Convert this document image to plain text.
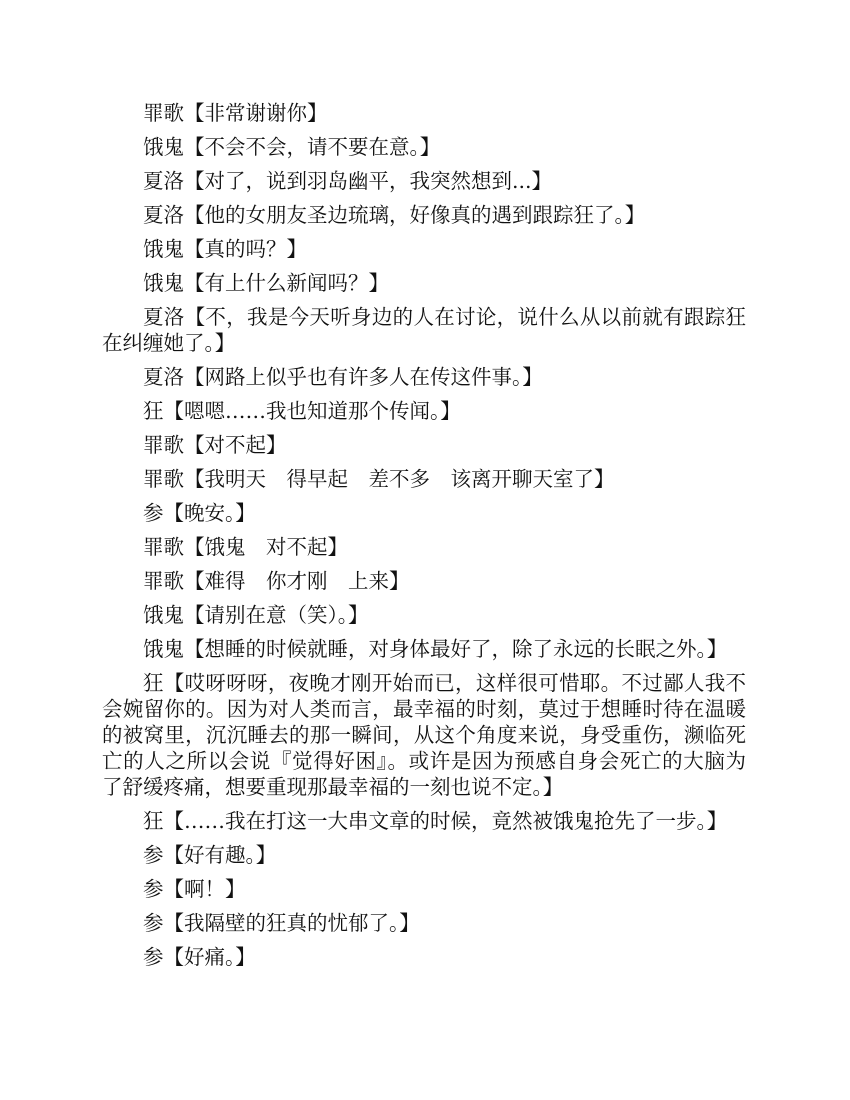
罪歌【非常谢谢你】

饿鬼【不会不会，请不要在意。】

夏洛【对了，说到羽岛幽平，我突然想到...】

夏洛【他的女朋友圣边琉璃，好像真的遇到跟踪狂了。】

饿鬼【真的吗？】

饿鬼【有上什么新闻吗？】

夏洛【不，我是今天听身边的人在讨论，说什么从以前就有跟踪狂在纠缠她了。】

夏洛【网路上似乎也有许多人在传这件事。】

狂【嗯嗯……我也知道那个传闻。】

罪歌【对不起】

罪歌【我明天　得早起　差不多　该离开聊天室了】

参【晚安。】

罪歌【饿鬼　对不起】

罪歌【难得　你才刚　上来】

饿鬼【请别在意（笑）。】

饿鬼【想睡的时候就睡，对身体最好了，除了永远的长眠之外。】

狂【哎呀呀呀，夜晚才刚开始而已，这样很可惜耶。不过鄙人我不会婉留你的。因为对人类而言，最幸福的时刻，莫过于想睡时待在温暖的被窝里，沉沉睡去的那一瞬间，从这个角度来说，身受重伤，濒临死亡的人之所以会说『觉得好困』。或许是因为预感自身会死亡的大脑为了舒缓疼痛，想要重现那最幸福的一刻也说不定。】

狂【……我在打这一大串文章的时候，竟然被饿鬼抢先了一步。】

参【好有趣。】

参【啊！】

参【我隔壁的狂真的忧郁了。】

参【好痛。】
